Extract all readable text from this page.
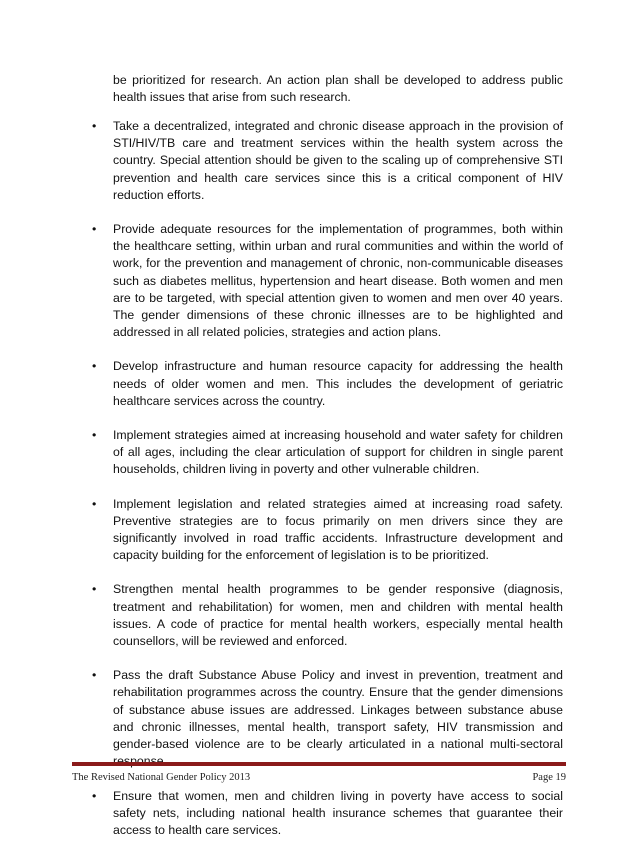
be prioritized for research. An action plan shall be developed to address public health issues that arise from such research.

• Take a decentralized, integrated and chronic disease approach in the provision of STI/HIV/TB care and treatment services within the health system across the country. Special attention should be given to the scaling up of comprehensive STI prevention and health care services since this is a critical component of HIV reduction efforts.
• Provide adequate resources for the implementation of programmes, both within the healthcare setting, within urban and rural communities and within the world of work, for the prevention and management of chronic, non-communicable diseases such as diabetes mellitus, hypertension and heart disease. Both women and men are to be targeted, with special attention given to women and men over 40 years. The gender dimensions of these chronic illnesses are to be highlighted and addressed in all related policies, strategies and action plans.
• Develop infrastructure and human resource capacity for addressing the health needs of older women and men. This includes the development of geriatric healthcare services across the country.
• Implement strategies aimed at increasing household and water safety for children of all ages, including the clear articulation of support for children in single parent households, children living in poverty and other vulnerable children.
• Implement legislation and related strategies aimed at increasing road safety. Preventive strategies are to focus primarily on men drivers since they are significantly involved in road traffic accidents. Infrastructure development and capacity building for the enforcement of legislation is to be prioritized.
• Strengthen mental health programmes to be gender responsive (diagnosis, treatment and rehabilitation) for women, men and children with mental health issues. A code of practice for mental health workers, especially mental health counsellors, will be reviewed and enforced.
• Pass the draft Substance Abuse Policy and invest in prevention, treatment and rehabilitation programmes across the country. Ensure that the gender dimensions of substance abuse issues are addressed. Linkages between substance abuse and chronic illnesses, mental health, transport safety, HIV transmission and gender-based violence are to be clearly articulated in a national multi-sectoral
• Ensure that women, men and children living in poverty have access to social safety nets, including national health insurance schemes that guarantee their access to health care services.
The Revised National Gender Policy 2013	Page 19
